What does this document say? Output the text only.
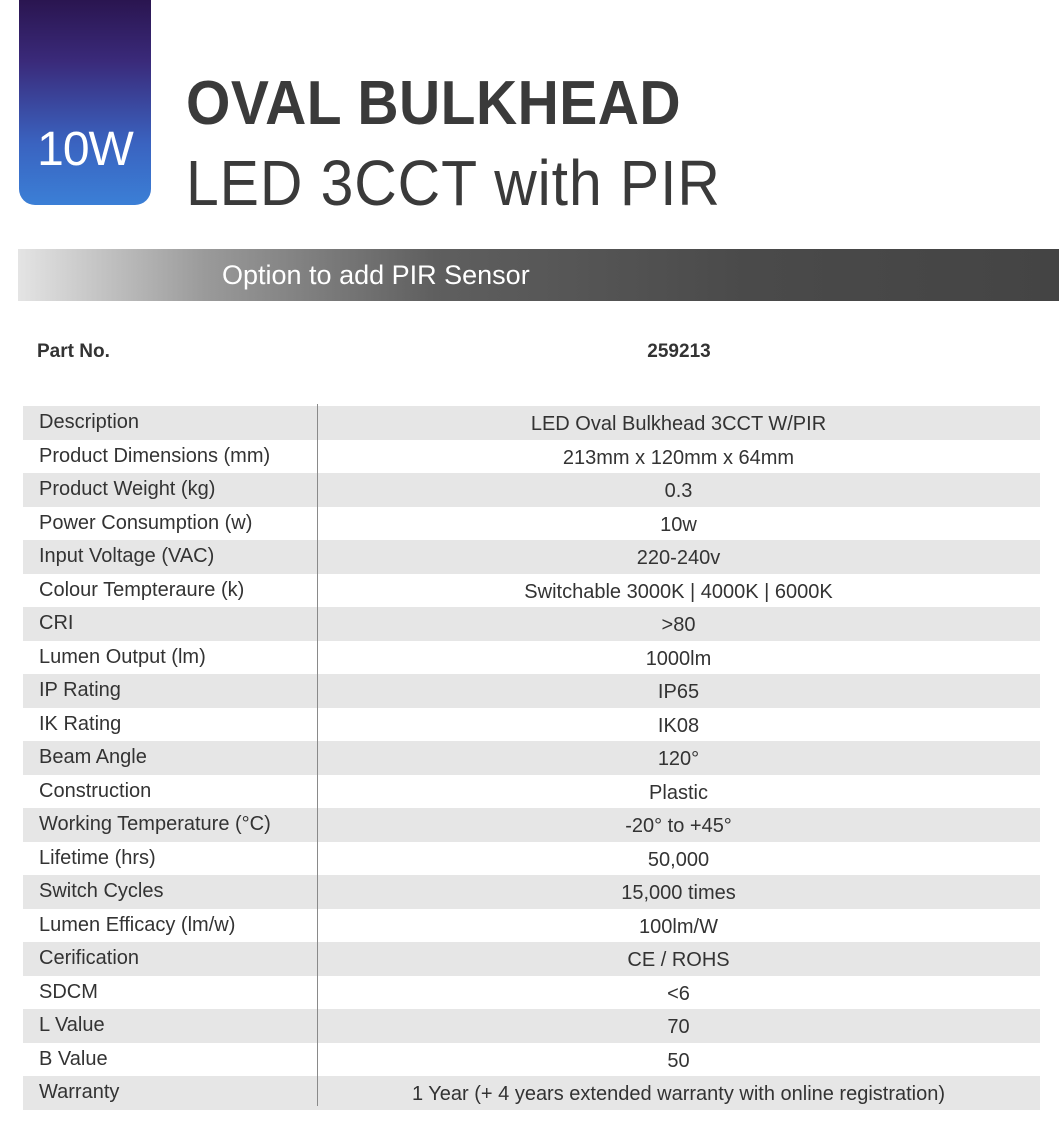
10W
OVAL BULKHEAD
LED 3CCT with PIR
Option to add PIR Sensor
Part No.	259213
Description	LED Oval Bulkhead 3CCT W/PIR
Product Dimensions (mm)	213mm x 120mm x 64mm
Product Weight (kg)	0.3
Power Consumption (w)	10w
Input Voltage (VAC)	220-240v
Colour Tempteraure (k)	Switchable 3000K | 4000K | 6000K
CRI	>80
Lumen Output (lm)	1000lm
IP Rating	IP65
IK Rating	IK08
Beam Angle	120°
Construction	Plastic
Working Temperature (°C)	-20° to +45°
Lifetime (hrs)	50,000
Switch Cycles	15,000 times
Lumen Efficacy (lm/w)	100lm/W
Cerification	CE / ROHS
SDCM	<6
L Value	70
B Value	50
Warranty	1 Year (+ 4 years extended warranty with online registration)
